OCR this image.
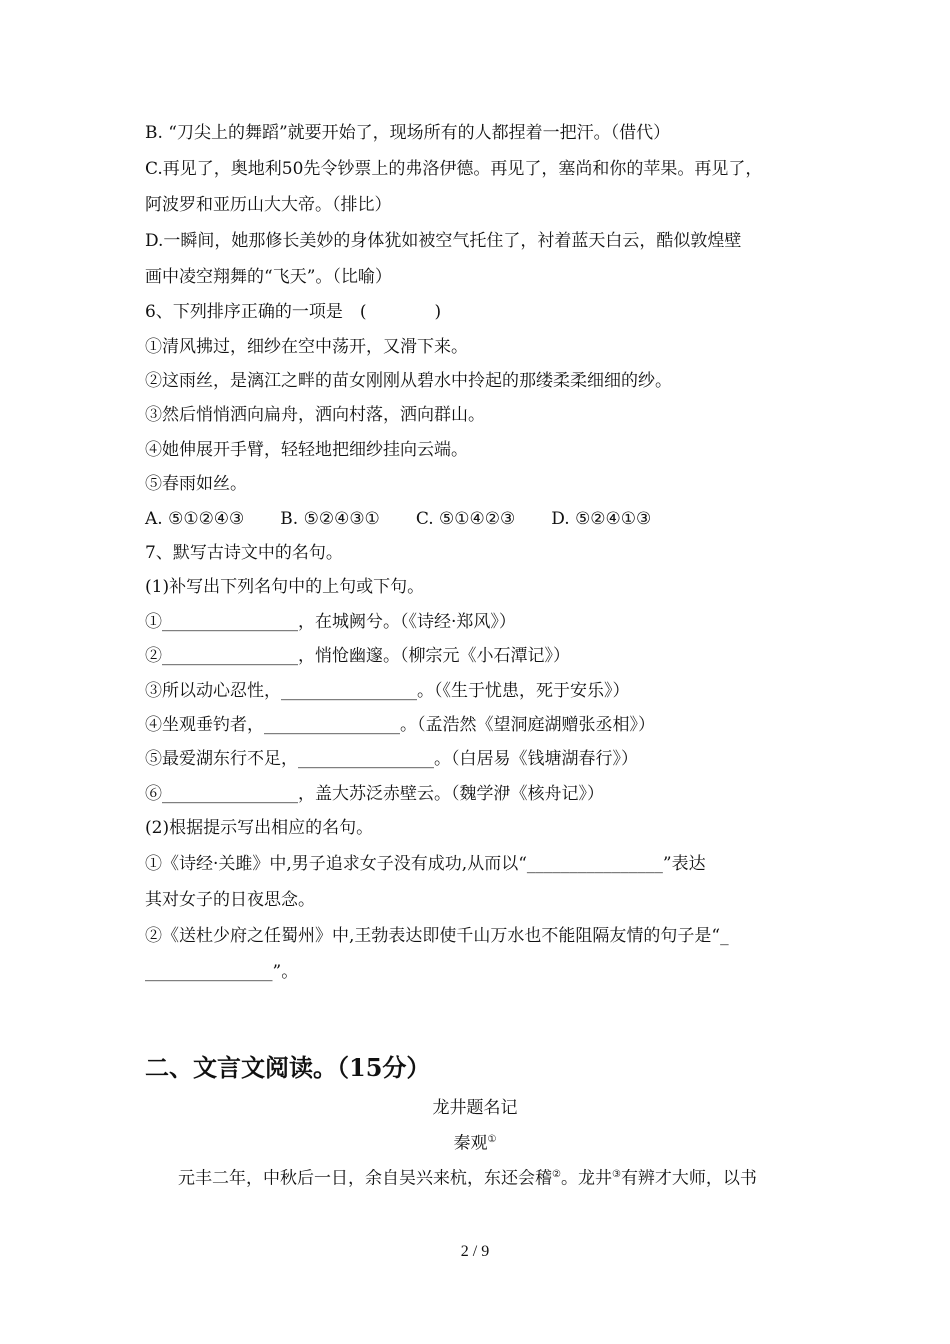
B. “刀尖上的舞蹈”就要开始了，现场所有的人都捏着一把汗。（借代）
C.再见了，奥地利50先令钞票上的弗洛伊德。再见了，塞尚和你的苹果。再见了，
阿波罗和亚历山大大帝。（排比）
D.一瞬间，她那修长美妙的身体犹如被空气托住了，衬着蓝天白云，酷似敦煌壁
画中凌空翔舞的“飞天”。（比喻）
6、下列排序正确的一项是　(　　　　)
①清风拂过，细纱在空中荡开，又滑下来。
②这雨丝，是漓江之畔的苗女刚刚从碧水中拎起的那缕柔柔细细的纱。
③然后悄悄洒向扁舟，洒向村落，洒向群山。
④她伸展开手臂，轻轻地把细纱挂向云端。
⑤春雨如丝。
A. ⑤①②④③ B. ⑤②④③① C. ⑤①④②③ D. ⑤②④①③
7、默写古诗文中的名句。
(1)补写出下列名句中的上句或下句。
①________________，在城阙兮。（《诗经·郑风》）
②________________，悄怆幽邃。（柳宗元《小石潭记》）
③所以动心忍性，________________。（《生于忧患，死于安乐》）
④坐观垂钓者，________________。（孟浩然《望洞庭湖赠张丞相》）
⑤最爱湖东行不足，________________。（白居易《钱塘湖春行》）
⑥________________，盖大苏泛赤壁云。（魏学洢《核舟记》）
(2)根据提示写出相应的名句。
①《诗经·关雎》中,男子追求女子没有成功,从而以“________________”表达
其对女子的日夜思念。
②《送杜少府之任蜀州》中,王勃表达即使千山万水也不能阻隔友情的句子是“_
_______________”。
二、文言文阅读。（15分）
龙井题名记
秦观①
元丰二年，中秋后一日，余自吴兴来杭，东还会稽②。龙井③有辨才大师，以书
2 / 9
